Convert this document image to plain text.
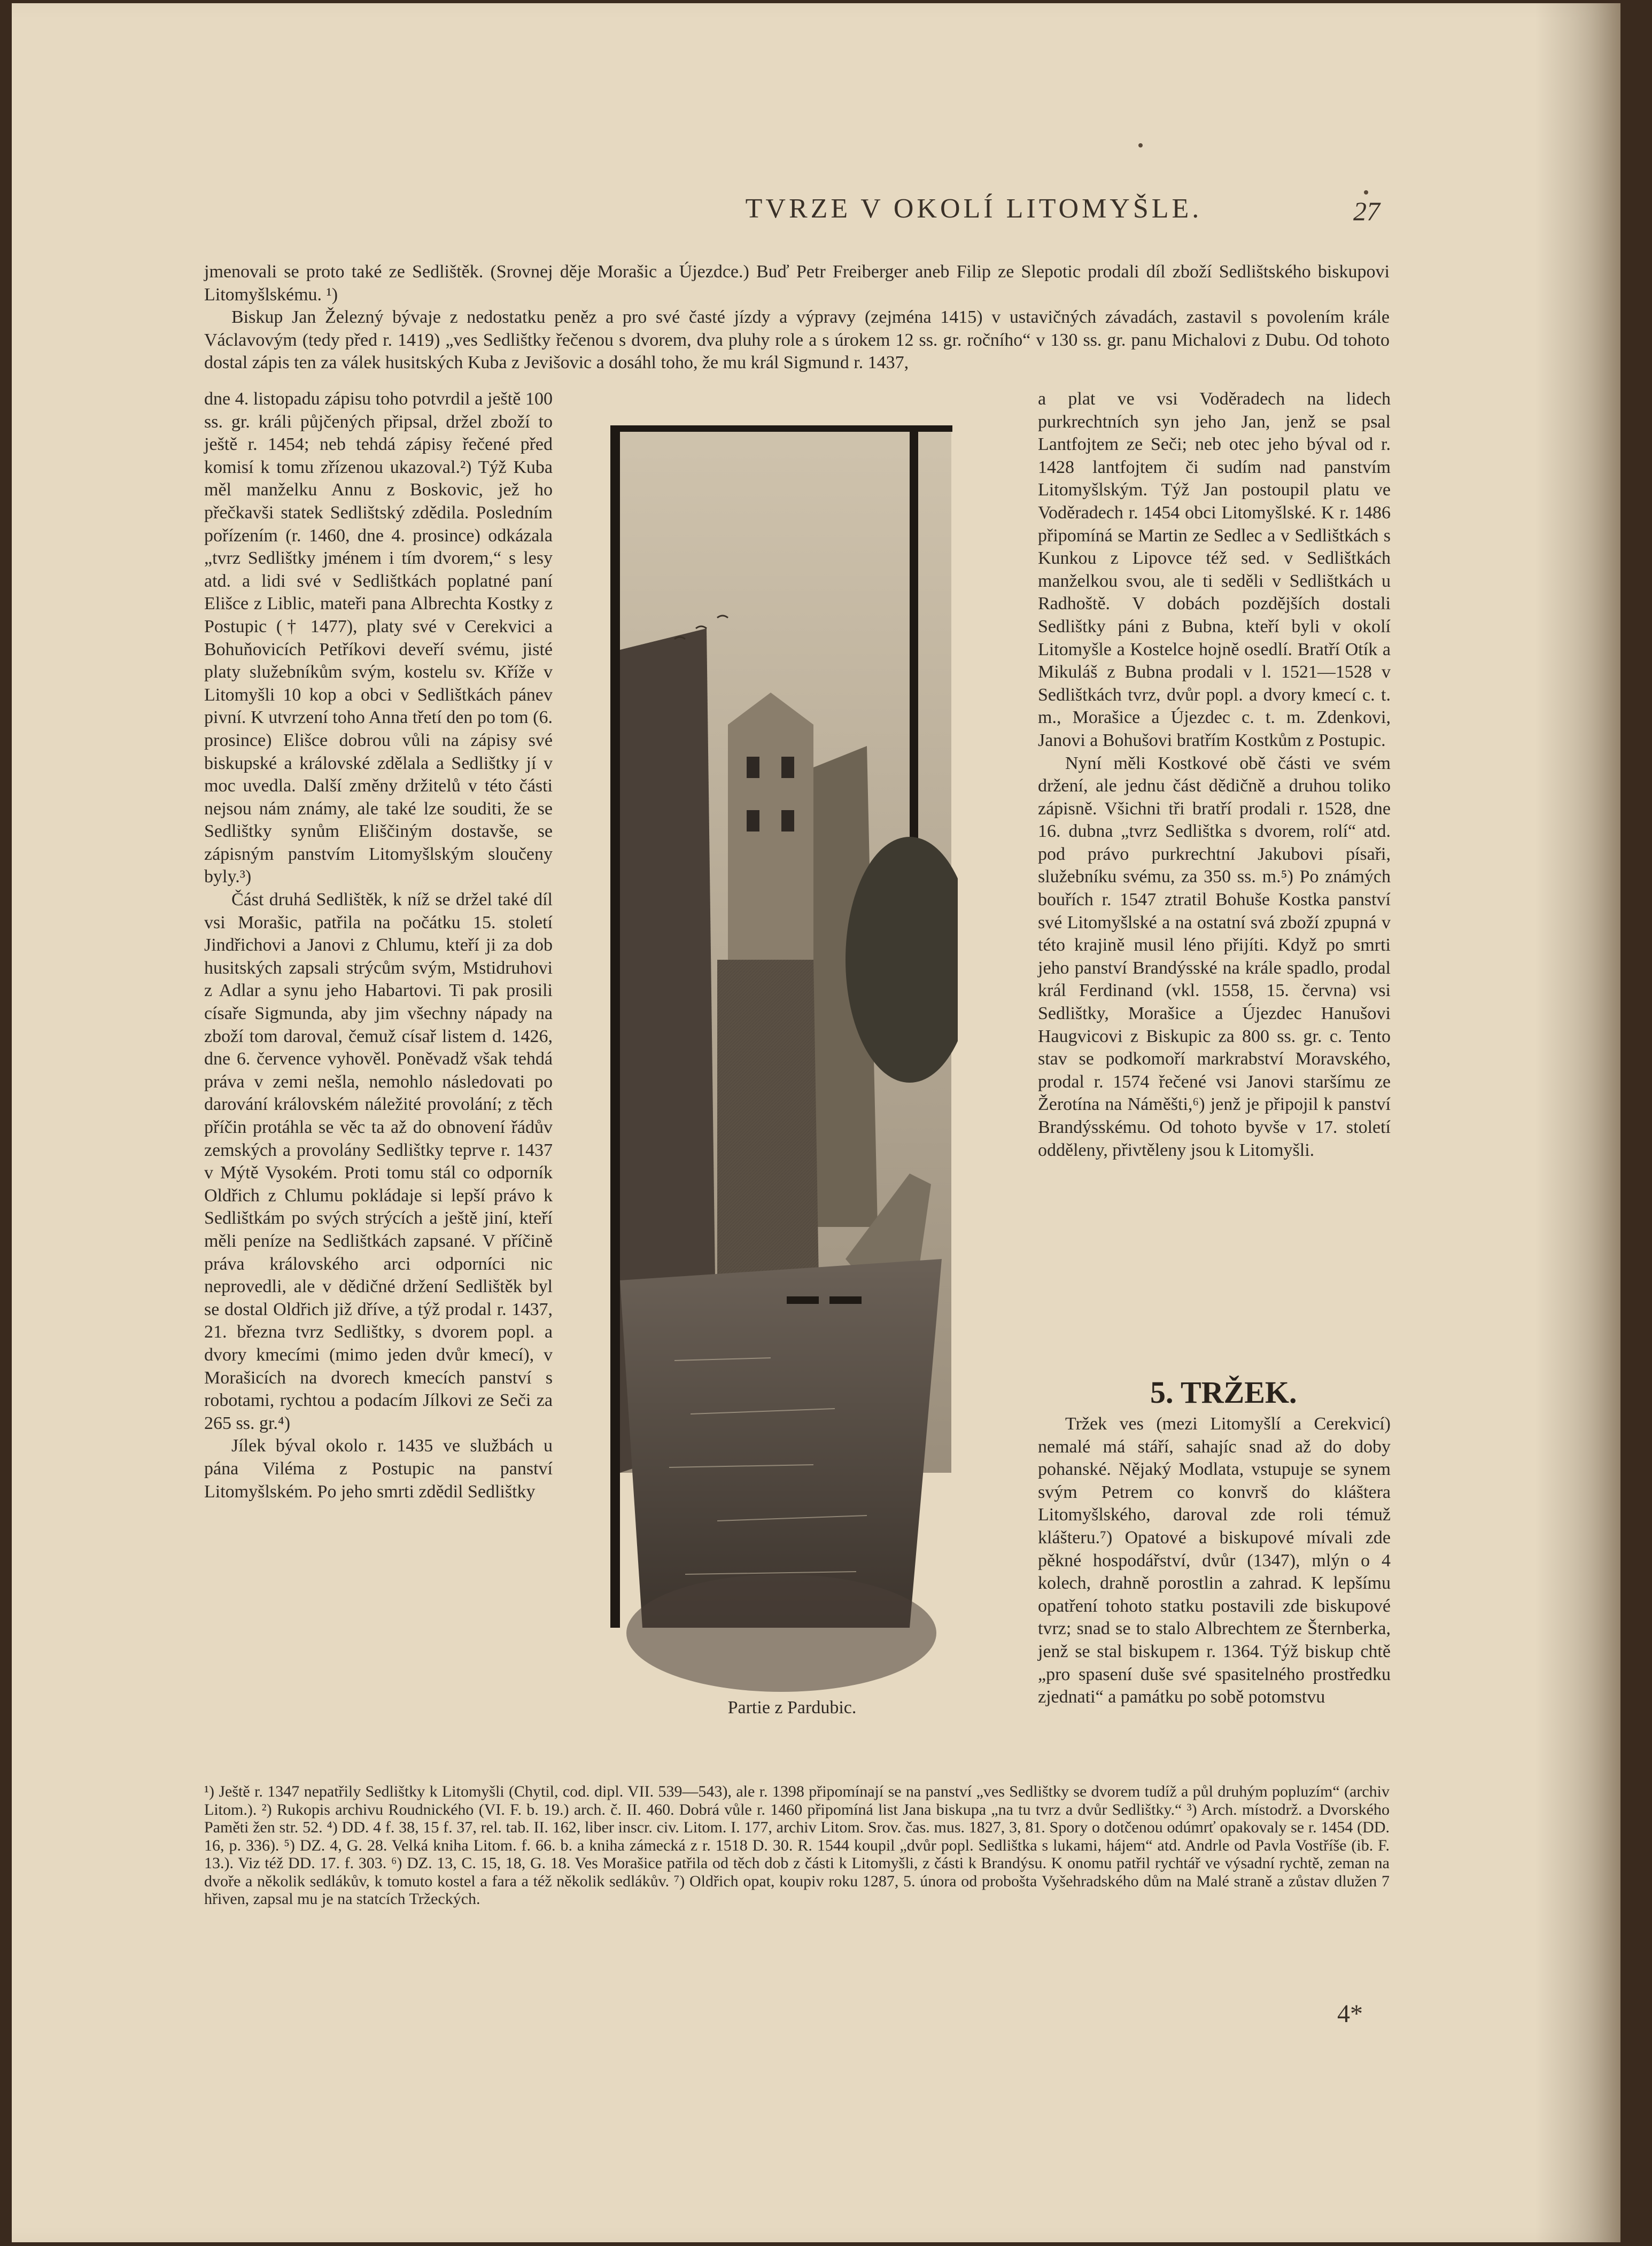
TVRZE V OKOLÍ LITOMYŠLE.	27

jmenovali se proto také ze Sedlištěk. (Srovnej děje Morašic a Újezdce.) Buď Petr Freiberger aneb Filip ze Slepotic prodali díl zboží Sedlištského biskupovi Litomyšlskému. ¹)

Biskup Jan Železný bývaje z nedostatku peněz a pro své časté jízdy a výpravy (zejména 1415) v ustavičných závadách, zastavil s povolením krále Václavovým (tedy před r. 1419) „ves Sedlištky řečenou s dvorem, dva pluhy role a s úrokem 12 ss. gr. ročního“ v 130 ss. gr. panu Michalovi z Dubu. Od tohoto dostal zápis ten za válek husitských Kuba z Jevišovic a dosáhl toho, že mu král Sigmund r. 1437,

dne 4. listopadu zápisu toho potvrdil a ještě 100 ss. gr. králi půjčených připsal, držel zboží to ještě r. 1454; neb tehdá zápisy řečené před komisí k tomu zřízenou ukazoval.²) Týž Kuba měl manželku Annu z Boskovic, jež ho přečkavši statek Sedlištský zdědila. Posledním pořízením (r. 1460, dne 4. prosince) odkázala „tvrz Sedlištky jménem i tím dvorem,“ s lesy atd. a lidi své v Sedlištkách poplatné paní Elišce z Liblic, mateři pana Albrechta Kostky z Postupic († 1477), platy své v Cerekvici a Bohuňovicích Petříkovi deveří svému, jisté platy služebníkům svým, kostelu sv. Kříže v Litomyšli 10 kop a obci v Sedlištkách pánev pivní. K utvrzení toho Anna třetí den po tom (6. prosince) Elišce dobrou vůli na zápisy své biskupské a královské zdělala a Sedlištky jí v moc uvedla. Další změny držitelů v této části nejsou nám známy, ale také lze souditi, že se Sedlištky synům Eliščiným dostavše, se zápisným panstvím Litomyšlským sloučeny byly.³)

Část druhá Sedlištěk, k níž se držel také díl vsi Morašic, patřila na počátku 15. století Jindřichovi a Janovi z Chlumu, kteří ji za dob husitských zapsali strýcům svým, Mstidruhovi z Adlar a synu jeho Habartovi. Ti pak prosili císaře Sigmunda, aby jim všechny nápady na zboží tom daroval, čemuž císař listem d. 1426, dne 6. července vyhověl. Poněvadž však tehdá práva v zemi nešla, nemohlo následovati po darování královském náležité provolání; z těch příčin protáhla se věc ta až do obnovení řádův zemských a provolány Sedlištky teprve r. 1437 v Mýtě Vysokém. Proti tomu stál co odporník Oldřich z Chlumu pokládaje si lepší právo k Sedlištkám po svých strýcích a ještě jiní, kteří měli peníze na Sedlištkách zapsané. V příčině práva královského arci odporníci nic neprovedli, ale v dědičné držení Sedlištěk byl se dostal Oldřich již dříve, a týž prodal r. 1437, 21. března tvrz Sedlištky, s dvorem popl. a dvory kmecími (mimo jeden dvůr kmecí), v Morašicích na dvorech kmecích panství s robotami, rychtou a podacím Jílkovi ze Seči za 265 ss. gr.⁴)

Jílek býval okolo r. 1435 ve službách u pána Viléma z Postupic na panství Litomyšlském. Po jeho smrti zdědil Sedlištky

Partie z Pardubic.

a plat ve vsi Voděradech na lidech purkrechtních syn jeho Jan, jenž se psal Lantfojtem ze Seči; neb otec jeho býval od r. 1428 lantfojtem či sudím nad panstvím Litomyšlským. Týž Jan postoupil platu ve Voděradech r. 1454 obci Litomyšlské. K r. 1486 připomíná se Martin ze Sedlec a v Sedlištkách s Kunkou z Lipovce též sed. v Sedlištkách manželkou svou, ale ti seděli v Sedlištkách u Radhoště. V dobách pozdějších dostali Sedlištky páni z Bubna, kteří byli v okolí Litomyšle a Kostelce hojně osedlí. Bratří Otík a Mikuláš z Bubna prodali v l. 1521—1528 v Sedlištkách tvrz, dvůr popl. a dvory kmecí c. t. m., Morašice a Újezdec c. t. m. Zdenkovi, Janovi a Bohušovi bratřím Kostkům z Postupic.

Nyní měli Kostkové obě části ve svém držení, ale jednu část dědičně a druhou toliko zápisně. Všichni tři bratří prodali r. 1528, dne 16. dubna „tvrz Sedlištka s dvorem, rolí“ atd. pod právo purkrechtní Jakubovi písaři, služebníku svému, za 350 ss. m.⁵) Po známých bouřích r. 1547 ztratil Bohuše Kostka panství své Litomyšlské a na ostatní svá zboží zpupná v této krajině musil léno přijíti. Když po smrti jeho panství Brandýsské na krále spadlo, prodal král Ferdinand (vkl. 1558, 15. června) vsi Sedlištky, Morašice a Újezdec Hanušovi Haugvicovi z Biskupic za 800 ss. gr. c. Tento stav se podkomoří markrabství Moravského, prodal r. 1574 řečené vsi Janovi staršímu ze Žerotína na Náměšti,⁶) jenž je připojil k panství Brandýsskému. Od tohoto byvše v 17. století odděleny, přivtěleny jsou k Litomyšli.

5. TRŽEK.

Tržek ves (mezi Litomyšlí a Cerekvicí) nemalé má stáří, sahajíc snad až do doby pohanské. Nějaký Modlata, vstupuje se synem svým Petrem co konvrš do kláštera Litomyšlského, daroval zde roli témuž klášteru.⁷) Opatové a biskupové mívali zde pěkné hospodářství, dvůr (1347), mlýn o 4 kolech, drahně porostlin a zahrad. K lepšímu opatření tohoto statku postavili zde biskupové tvrz; snad se to stalo Albrechtem ze Šternberka, jenž se stal biskupem r. 1364. Týž biskup chtě „pro spasení duše své spasitelného prostředku zjednati“ a památku po sobě potomstvu

¹) Ještě r. 1347 nepatřily Sedlištky k Litomyšli (Chytil, cod. dipl. VII. 539—543), ale r. 1398 připomínají se na panství „ves Sedlištky se dvorem tudíž a půl druhým popluzím“ (archiv Litom.). ²) Rukopis archivu Roudnického (VI. F. b. 19.) arch. č. II. 460. Dobrá vůle r. 1460 připomíná list Jana biskupa „na tu tvrz a dvůr Sedlištky.“ ³) Arch. místodrž. a Dvorského Paměti žen str. 52. ⁴) DD. 4 f. 38, 15 f. 37, rel. tab. II. 162, liber inscr. civ. Litom. I. 177, archiv Litom. Srov. čas. mus. 1827, 3, 81. Spory o dotčenou odúmrť opakovaly se r. 1454 (DD. 16, p. 336). ⁵) DZ. 4, G. 28. Velká kniha Litom. f. 66. b. a kniha zámecká z r. 1518 D. 30. R. 1544 koupil „dvůr popl. Sedlištka s lukami, hájem“ atd. Andrle od Pavla Vostříše (ib. F. 13.). Viz též DD. 17. f. 303. ⁶) DZ. 13, C. 15, 18, G. 18. Ves Morašice patřila od těch dob z části k Litomyšli, z části k Brandýsu. K onomu patřil rychtář ve výsadní rychtě, zeman na dvoře a několik sedlákův, k tomuto kostel a fara a též několik sedlákův. ⁷) Oldřich opat, koupiv roku 1287, 5. února od proboštа Vyšehradského dům na Malé straně a zůstav dlužen 7 hřiven, zapsal mu je na statcích Tržeckých.
4*
